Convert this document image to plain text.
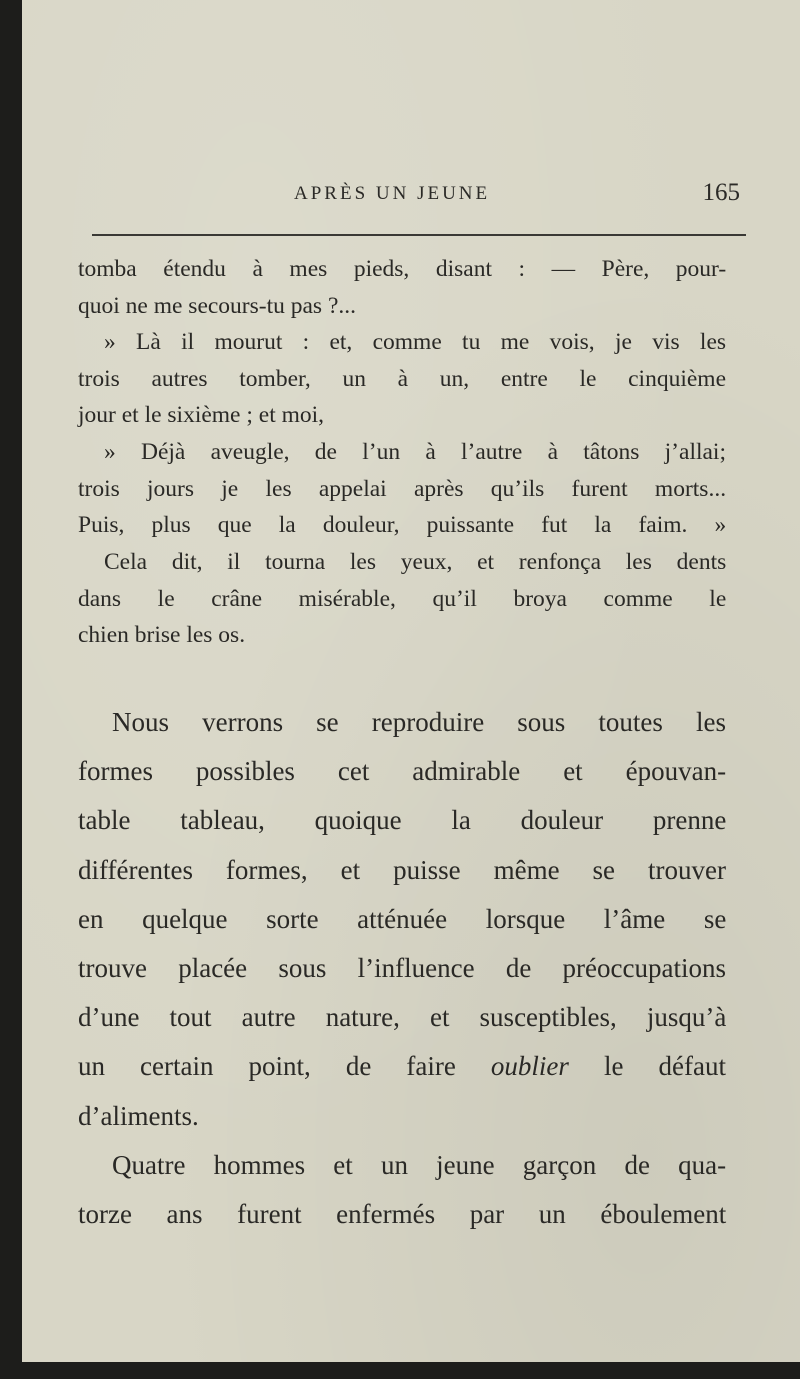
APRÈS UN JEUNE	165
tomba étendu à mes pieds, disant : — Père, pour-
quoi ne me secours-tu pas ?...
» Là il mourut : et, comme tu me vois, je vis les
trois autres tomber, un à un, entre le cinquième
jour et le sixième ; et moi,
» Déjà aveugle, de l’un à l’autre à tâtons j’allai;
trois jours je les appelai après qu’ils furent morts...
Puis, plus que la douleur, puissante fut la faim. »
Cela dit, il tourna les yeux, et renfonça les dents
dans le crâne misérable, qu’il broya comme le
chien brise les os.
Nous verrons se reproduire sous toutes les
formes possibles cet admirable et épouvan-
table tableau, quoique la douleur prenne
différentes formes, et puisse même se trouver
en quelque sorte atténuée lorsque l’âme se
trouve placée sous l’influence de préoccupations
d’une tout autre nature, et susceptibles, jusqu’à
un certain point, de faire oublier le défaut
d’aliments.
Quatre hommes et un jeune garçon de qua-
torze ans furent enfermés par un éboulement
